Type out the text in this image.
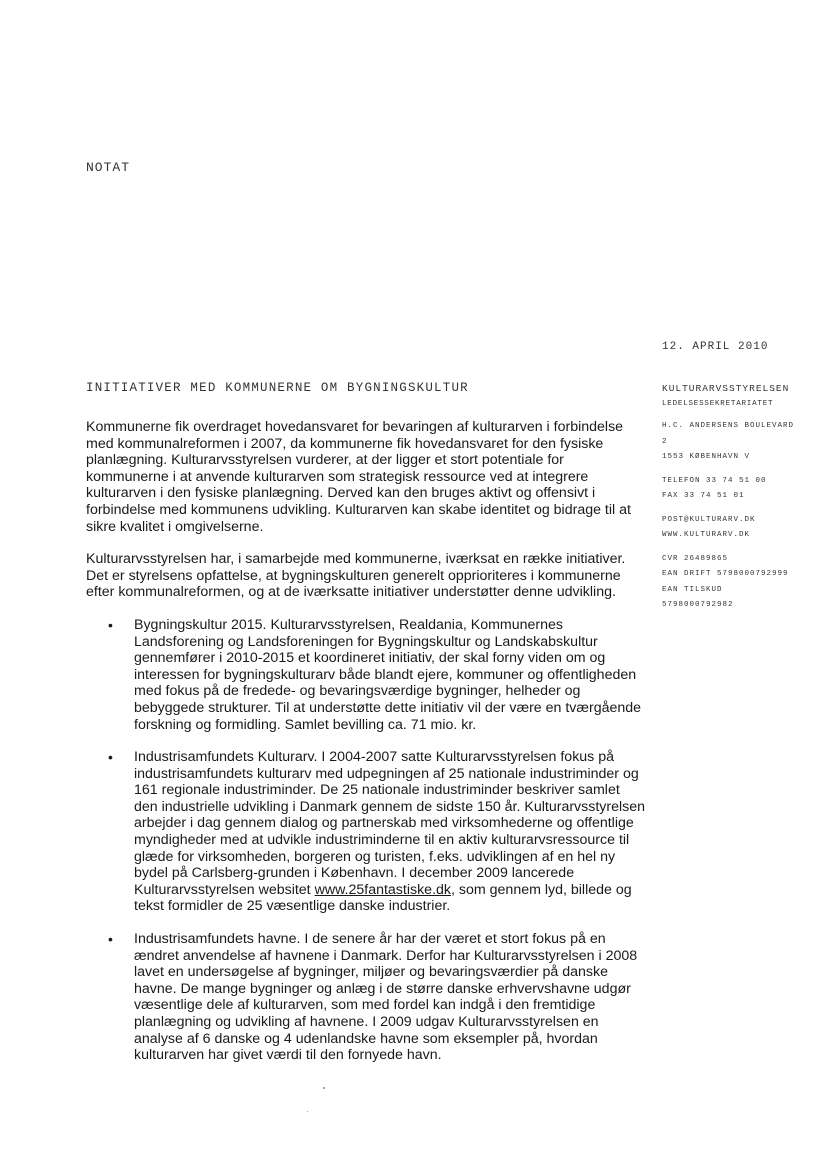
NOTAT
12. APRIL 2010
INITIATIVER MED KOMMUNERNE OM BYGNINGSKULTUR	KULTURARVSSTYRELSEN
LEDELSESSEKRETARIATET
H.C. ANDERSENS BOULEVARD
2
1553 KØBENHAVN V
TELEFON 33 74 51 00
FAX 33 74 51 01
POST@KULTURARV.DK
WWW.KULTURARV.DK
CVR 26489865
EAN DRIFT 5798000792999
EAN TILSKUD
5798000792982

Kommunerne fik overdraget hovedansvaret for bevaringen af kulturarven i forbindelse med kommunalreformen i 2007, da kommunerne fik hovedansvaret for den fysiske planlægning. Kulturarvsstyrelsen vurderer, at der ligger et stort potentiale for kommunerne i at anvende kulturarven som strategisk ressource ved at integrere kulturarven i den fysiske planlægning. Derved kan den bruges aktivt og offensivt i forbindelse med kommunens udvikling. Kulturarven kan skabe identitet og bidrage til at sikre kvalitet i omgivelserne.

Kulturarvsstyrelsen har, i samarbejde med kommunerne, iværksat en række initiativer. Det er styrelsens opfattelse, at bygningskulturen generelt opprioriteres i kommunerne efter kommunalreformen, og at de iværksatte initiativer understøtter denne udvikling.

• Bygningskultur 2015. Kulturarvsstyrelsen, Realdania, Kommunernes Landsforening og Landsforeningen for Bygningskultur og Landskabskultur gennemfører i 2010-2015 et koordineret initiativ, der skal forny viden om og interessen for bygningskulturarv både blandt ejere, kommuner og offentligheden med fokus på de fredede- og bevaringsværdige bygninger, helheder og bebyggede strukturer. Til at understøtte dette initiativ vil der være en tværgående forskning og formidling. Samlet bevilling ca. 71 mio. kr.
• Industrisamfundets Kulturarv. I 2004-2007 satte Kulturarvsstyrelsen fokus på industrisamfundets kulturarv med udpegningen af 25 nationale industriminder og 161 regionale industriminder. De 25 nationale industriminder beskriver samlet den industrielle udvikling i Danmark gennem de sidste 150 år. Kulturarvsstyrelsen arbejder i dag gennem dialog og partnerskab med virksomhederne og offentlige myndigheder med at udvikle industriminderne til en aktiv kulturarvsressource til glæde for virksomheden, borgeren og turisten, f.eks. udviklingen af en hel ny bydel på Carlsberg-grunden i København. I december 2009 lancerede Kulturarvsstyrelsen websitet www.25fantastiske.dk, som gennem lyd, billede og tekst formidler de 25 væsentlige danske industrier.
• Industrisamfundets havne. I de senere år har der været et stort fokus på en ændret anvendelse af havnene i Danmark. Derfor har Kulturarvsstyrelsen i 2008 lavet en undersøgelse af bygninger, miljøer og bevaringsværdier på danske havne. De mange bygninger og anlæg i de større danske erhvervshavne udgør væsentlige dele af kulturarven, som med fordel kan indgå i den fremtidige planlægning og udvikling af havnene. I 2009 udgav Kulturarvsstyrelsen en analyse af 6 danske og 4 udenlandske havne som eksempler på, hvordan kulturarven har givet værdi til den fornyede havn.
